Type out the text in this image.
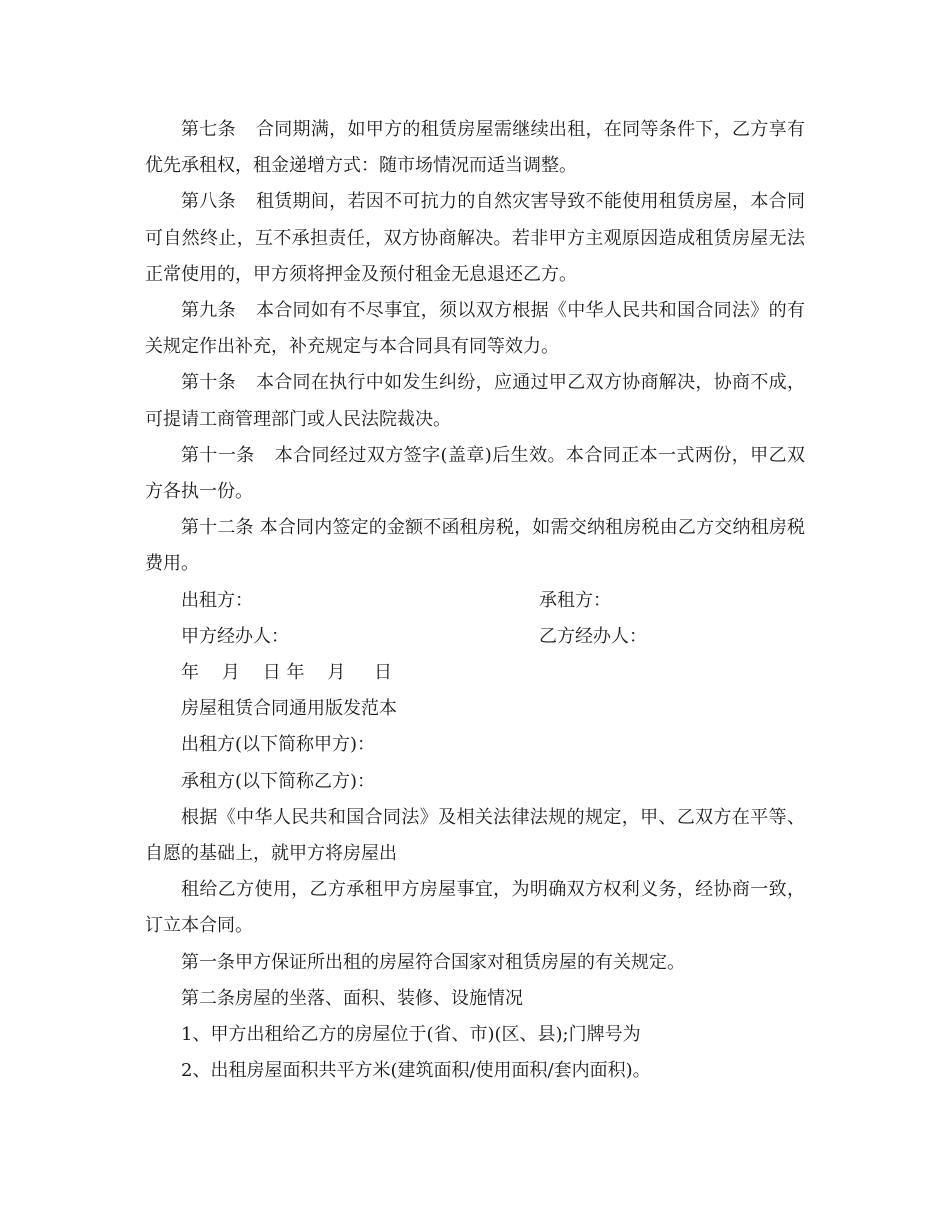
第七条 合同期满，如甲方的租赁房屋需继续出租，在同等条件下，乙方享有优先承租权，租金递增方式：随市场情况而适当调整。

第八条 租赁期间，若因不可抗力的自然灾害导致不能使用租赁房屋，本合同可自然终止，互不承担责任，双方协商解决。若非甲方主观原因造成租赁房屋无法正常使用的，甲方须将押金及预付租金无息退还乙方。

第九条 本合同如有不尽事宜，须以双方根据《中华人民共和国合同法》的有关规定作出补充，补充规定与本合同具有同等效力。

第十条 本合同在执行中如发生纠纷，应通过甲乙双方协商解决，协商不成，可提请工商管理部门或人民法院裁决。

第十一条 本合同经过双方签字(盖章)后生效。本合同正本一式两份，甲乙双方各执一份。

第十二条 本合同内签定的金额不函租房税，如需交纳租房税由乙方交纳租房税费用。

出租方：	承租方：
甲方经办人：	乙方经办人：

年    月    日 年    月     日

房屋租赁合同通用版发范本

出租方(以下简称甲方)：

承租方(以下简称乙方)：

根据《中华人民共和国合同法》及相关法律法规的规定，甲、乙双方在平等、自愿的基础上，就甲方将房屋出

租给乙方使用，乙方承租甲方房屋事宜，为明确双方权利义务，经协商一致，订立本合同。

第一条甲方保证所出租的房屋符合国家对租赁房屋的有关规定。

第二条房屋的坐落、面积、装修、设施情况

1、甲方出租给乙方的房屋位于(省、市)(区、县);门牌号为

2、出租房屋面积共平方米(建筑面积/使用面积/套内面积)。
